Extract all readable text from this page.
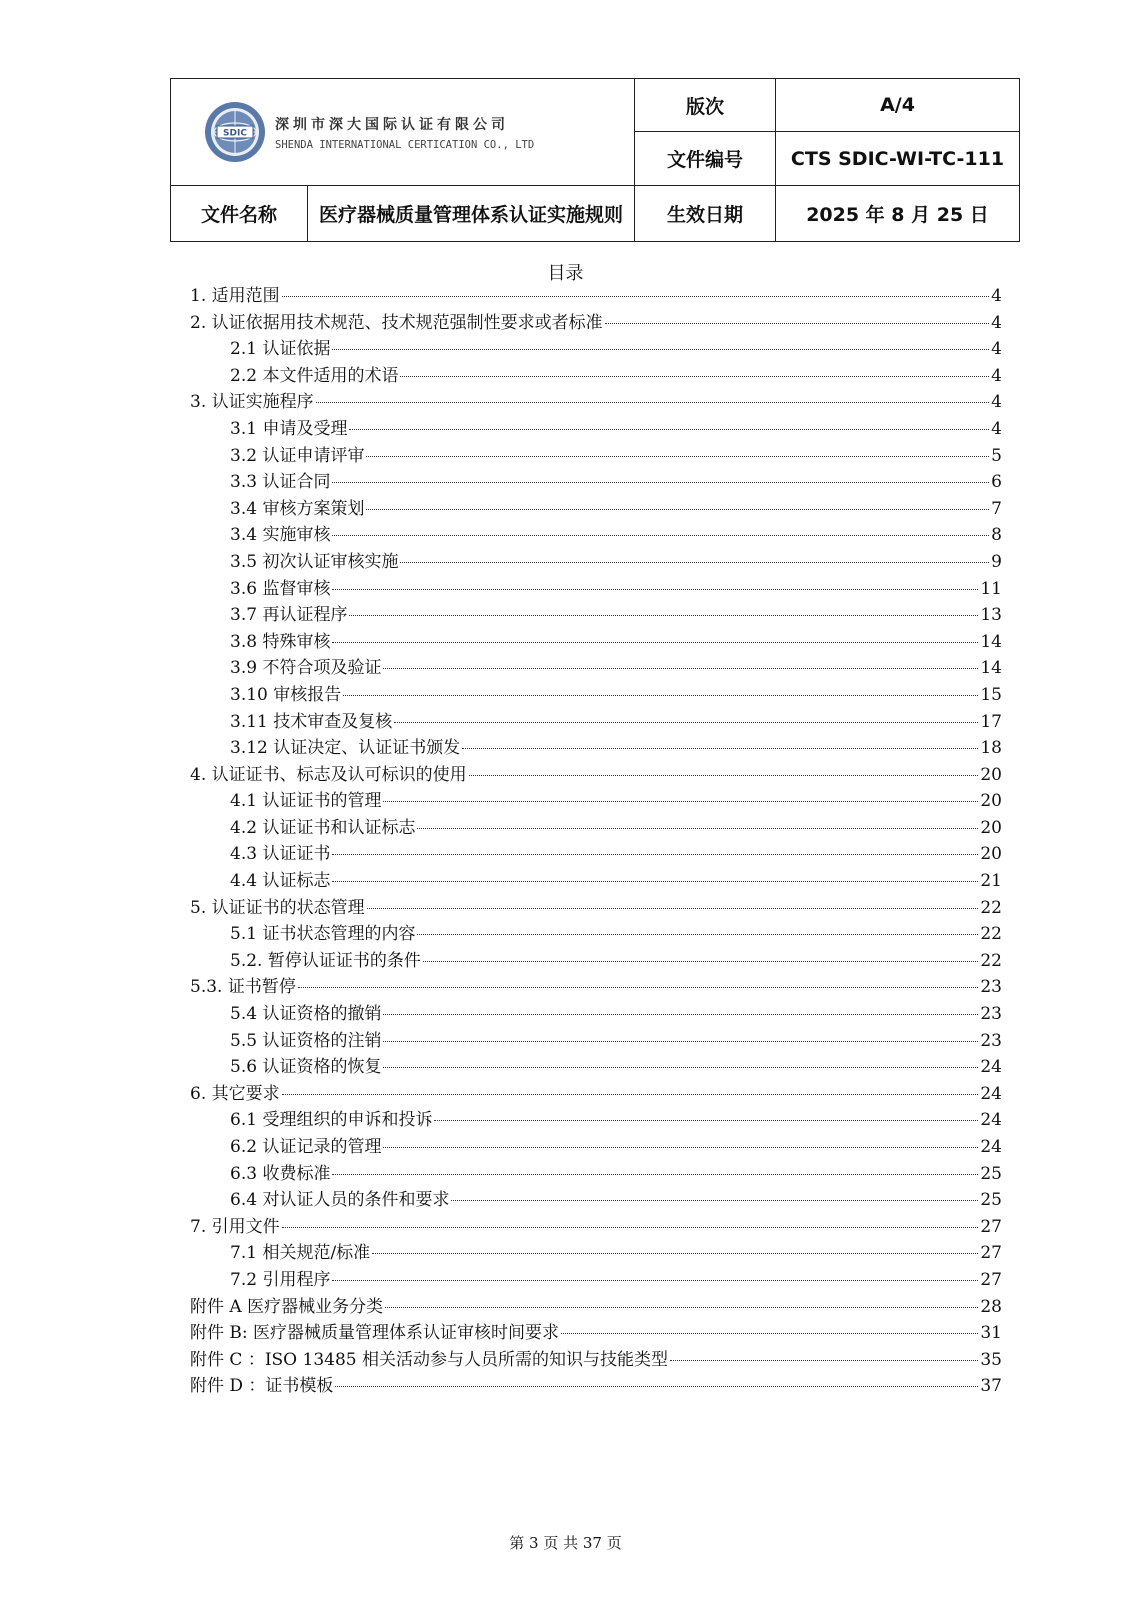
SDIC
深圳市深大国际认证有限公司
SHENDA INTERNATIONAL CERTICATION CO., LTD		版次	A/4
		文件编号	CTS SDIC-WI-TC-111
文件名称	医疗器械质量管理体系认证实施规则	生效日期	2025 年 8 月 25 日
目录
1. 适用范围	4
2. 认证依据用技术规范、技术规范强制性要求或者标准	4
2.1 认证依据	4
2.2 本文件适用的术语	4
3. 认证实施程序	4
3.1 申请及受理	4
3.2 认证申请评审	5
3.3 认证合同	6
3.4 审核方案策划	7
3.4 实施审核	8
3.5 初次认证审核实施	9
3.6 监督审核	11
3.7 再认证程序	13
3.8 特殊审核	14
3.9 不符合项及验证	14
3.10 审核报告	15
3.11 技术审查及复核	17
3.12 认证决定、认证证书颁发	18
4. 认证证书、标志及认可标识的使用	20
4.1 认证证书的管理	20
4.2 认证证书和认证标志	20
4.3 认证证书	20
4.4 认证标志	21
5. 认证证书的状态管理	22
5.1 证书状态管理的内容	22
5.2. 暂停认证证书的条件	22
5.3. 证书暂停	23
5.4 认证资格的撤销	23
5.5 认证资格的注销	23
5.6 认证资格的恢复	24
6. 其它要求	24
6.1 受理组织的申诉和投诉	24
6.2 认证记录的管理	24
6.3 收费标准	25
6.4 对认证人员的条件和要求	25
7. 引用文件	27
7.1 相关规范/标准	27
7.2 引用程序	27
附件 A 医疗器械业务分类	28
附件 B: 医疗器械质量管理体系认证审核时间要求	31
附件 C ：ISO 13485 相关活动参与人员所需的知识与技能类型	35
附件 D ：证书模板	37
第 3 页 共 37 页
